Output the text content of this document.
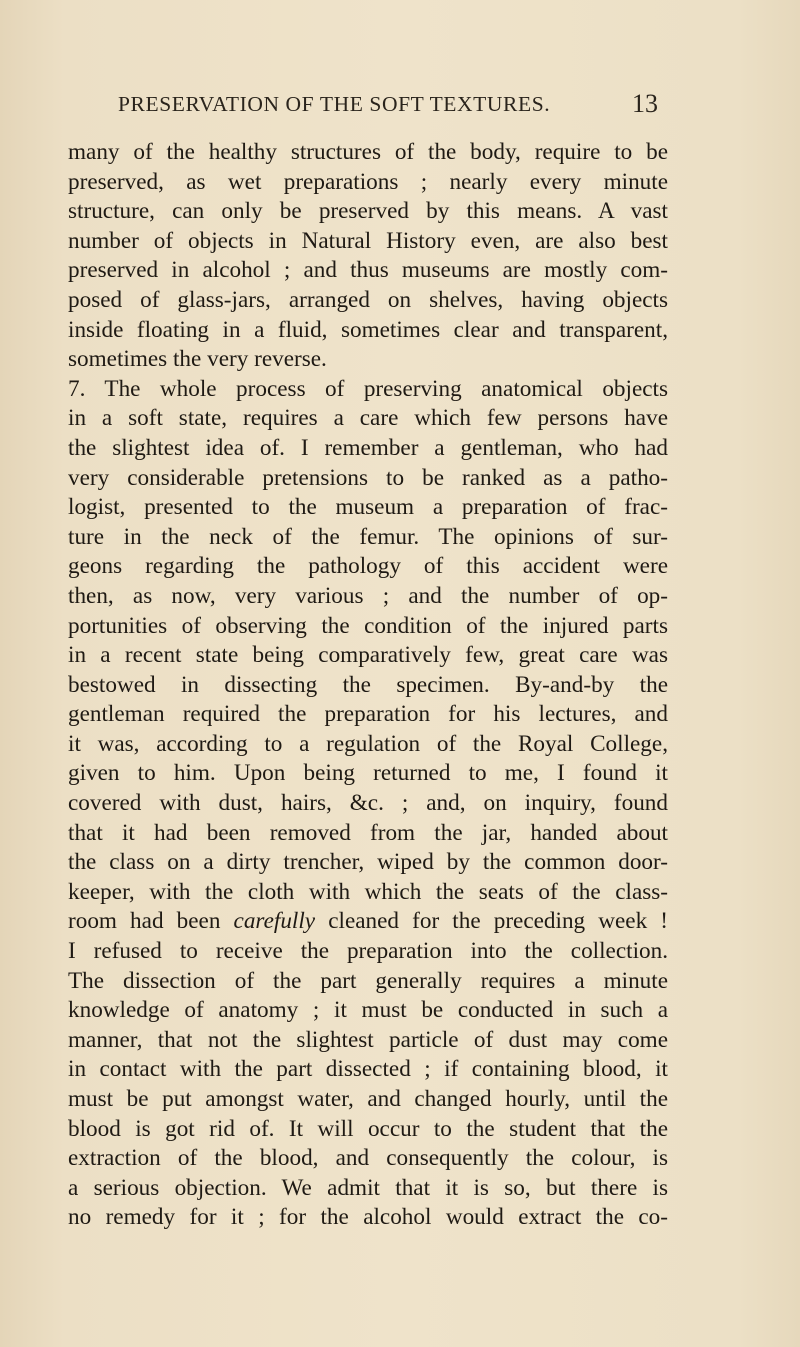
PRESERVATION OF THE SOFT TEXTURES.	13
many of the healthy structures of the body, require to be
preserved, as wet preparations ; nearly every minute
structure, can only be preserved by this means. A vast
number of objects in Natural History even, are also best
preserved in alcohol ; and thus museums are mostly com-
posed of glass-jars, arranged on shelves, having objects
inside floating in a fluid, sometimes clear and transparent,
sometimes the very reverse.
7. The whole process of preserving anatomical objects
in a soft state, requires a care which few persons have
the slightest idea of. I remember a gentleman, who had
very considerable pretensions to be ranked as a patho-
logist, presented to the museum a preparation of frac-
ture in the neck of the femur. The opinions of sur-
geons regarding the pathology of this accident were
then, as now, very various ; and the number of op-
portunities of observing the condition of the injured parts
in a recent state being comparatively few, great care was
bestowed in dissecting the specimen. By-and-by the
gentleman required the preparation for his lectures, and
it was, according to a regulation of the Royal College,
given to him. Upon being returned to me, I found it
covered with dust, hairs, &c. ; and, on inquiry, found
that it had been removed from the jar, handed about
the class on a dirty trencher, wiped by the common door-
keeper, with the cloth with which the seats of the class-
room had been carefully cleaned for the preceding week !
I refused to receive the preparation into the collection.
The dissection of the part generally requires a minute
knowledge of anatomy ; it must be conducted in such a
manner, that not the slightest particle of dust may come
in contact with the part dissected ; if containing blood, it
must be put amongst water, and changed hourly, until the
blood is got rid of. It will occur to the student that the
extraction of the blood, and consequently the colour, is
a serious objection. We admit that it is so, but there is
no remedy for it ; for the alcohol would extract the co-
